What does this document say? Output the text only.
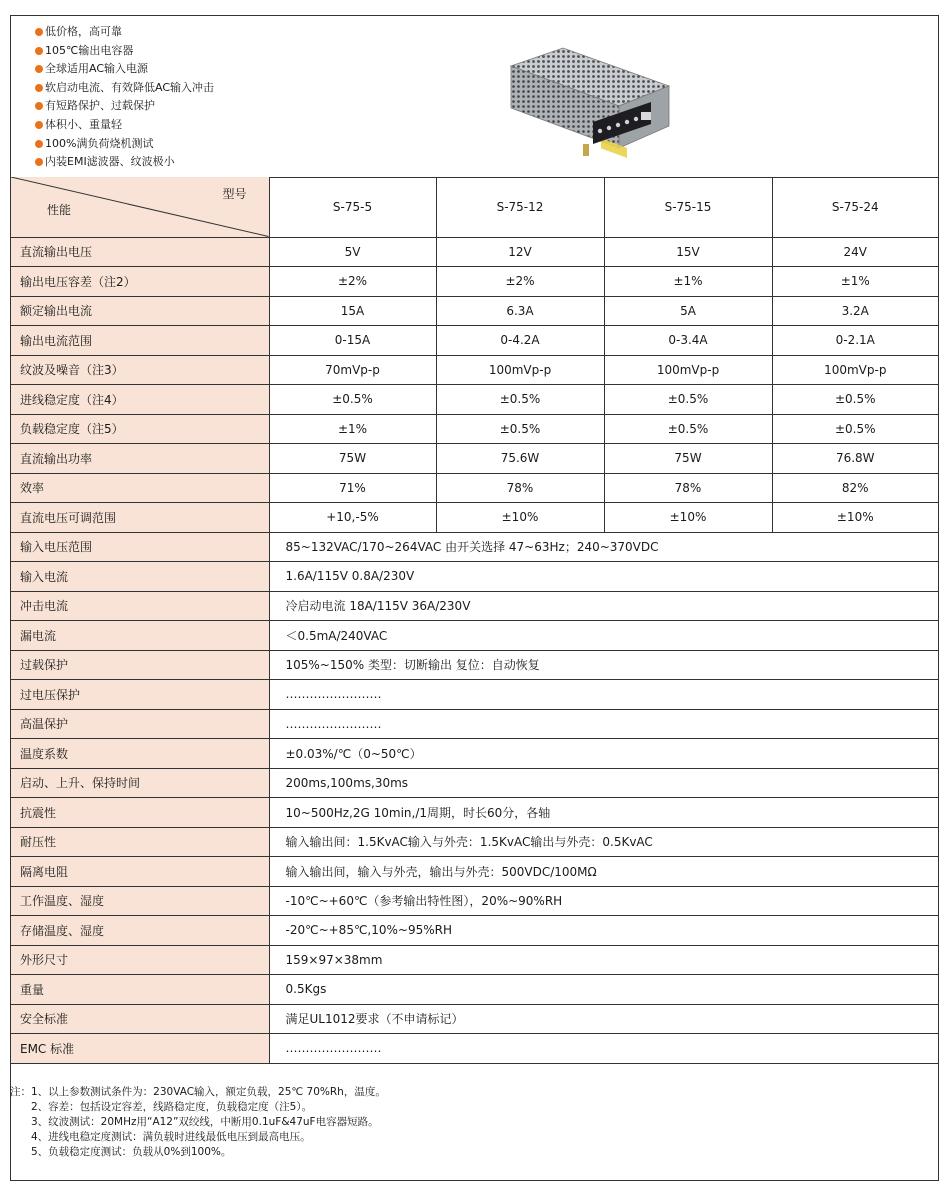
低价格，高可靠
105℃输出电容器
全球适用AC输入电源
软启动电流、有效降低AC输入冲击
有短路保护、过载保护
体积小、重量轻
100%满负荷烧机测试
内装EMI滤波器、纹波极小
型号
性能	S-75-5	S-75-12	S-75-15	S-75-24
直流输出电压	5V	12V	15V	24V
输出电压容差（注2）	±2%	±2%	±1%	±1%
额定输出电流	15A	6.3A	5A	3.2A
输出电流范围	0-15A	0-4.2A	0-3.4A	0-2.1A
纹波及噪音（注3）	70mVp-p	100mVp-p	100mVp-p	100mVp-p
进线稳定度（注4）	±0.5%	±0.5%	±0.5%	±0.5%
负载稳定度（注5）	±1%	±0.5%	±0.5%	±0.5%
直流输出功率	75W	75.6W	75W	76.8W
效率	71%	78%	78%	82%
直流电压可调范围	+10,-5%	±10%	±10%	±10%
输入电压范围	85~132VAC/170~264VAC 由开关选择 47~63Hz；240~370VDC			
输入电流	1.6A/115V 0.8A/230V			
冲击电流	冷启动电流 18A/115V 36A/230V			
漏电流	＜0.5mA/240VAC			
过载保护	105%~150% 类型：切断输出 复位：自动恢复			
过电压保护	……………………			
高温保护	……………………			
温度系数	±0.03%/℃（0~50℃）			
启动、上升、保持时间	200ms,100ms,30ms			
抗震性	10~500Hz,2G 10min,/1周期，时长60分，各轴			
耐压性	输入输出间：1.5KvAC输入与外壳：1.5KvAC输出与外壳：0.5KvAC			
隔离电阻	输入输出间，输入与外壳，输出与外壳：500VDC/100MΩ			
工作温度、湿度	-10℃~+60℃（参考输出特性图），20%~90%RH			
存储温度、湿度	-20℃~+85℃,10%~95%RH			
外形尺寸	159×97×38mm			
重量	0.5Kgs			
安全标准	满足UL1012要求（不申请标记）			
EMC 标准	……………………			
注：1、以上参数测试条件为：230VAC输入，额定负载，25℃ 70%Rh，温度。
2、容差：包括设定容差，线路稳定度，负载稳定度（注5）。
3、纹波测试：20MHz用“A12”双绞线，中断用0.1uF&47uF电容器短路。
4、进线电稳定度测试：满负载时进线最低电压到最高电压。
5、负载稳定度测试：负载从0%到100%。
